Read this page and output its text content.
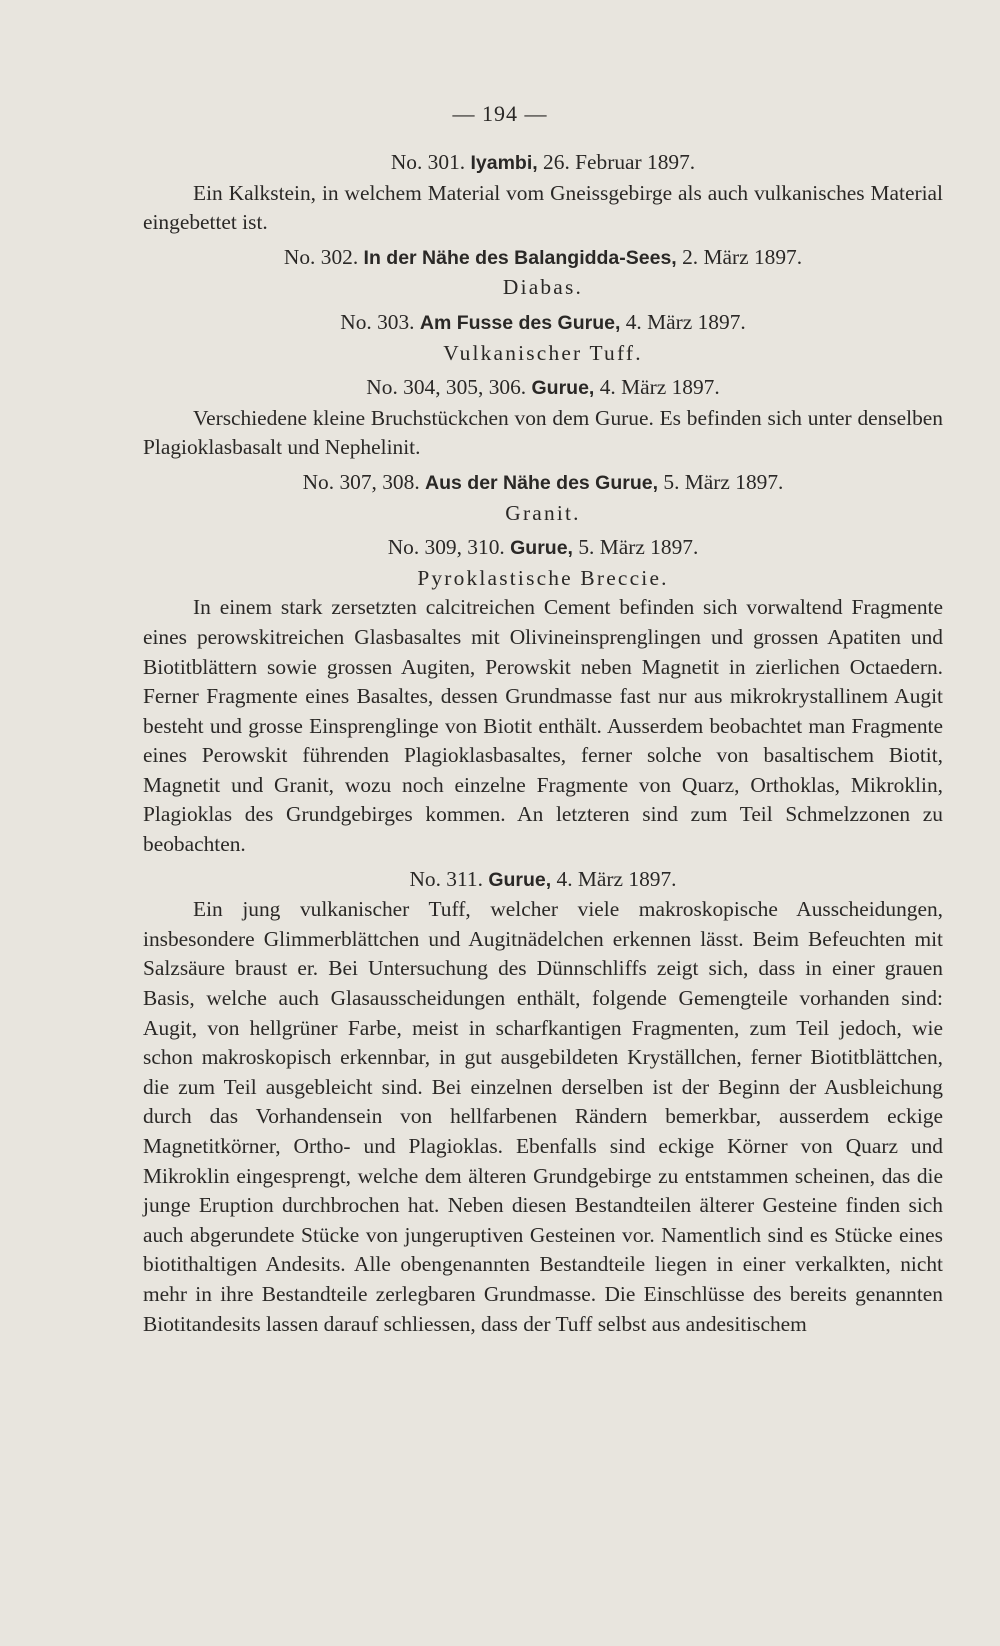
— 194 —

No. 301. Iyambi, 26. Februar 1897.

Ein Kalkstein, in welchem Material vom Gneissgebirge als auch vulkanisches Material eingebettet ist.

No. 302. In der Nähe des Balangidda-Sees, 2. März 1897.

Diabas.

No. 303. Am Fusse des Gurue, 4. März 1897.

Vulkanischer Tuff.

No. 304, 305, 306. Gurue, 4. März 1897.

Verschiedene kleine Bruchstückchen von dem Gurue. Es befinden sich unter denselben Plagioklasbasalt und Nephelinit.

No. 307, 308. Aus der Nähe des Gurue, 5. März 1897.

Granit.

No. 309, 310. Gurue, 5. März 1897.

Pyroklastische Breccie.

In einem stark zersetzten calcitreichen Cement befinden sich vorwaltend Fragmente eines perowskitreichen Glasbasaltes mit Olivineinsprenglingen und grossen Apatiten und Biotitblättern sowie grossen Augiten, Perowskit neben Magnetit in zierlichen Octaedern. Ferner Fragmente eines Basaltes, dessen Grundmasse fast nur aus mikrokrystallinem Augit besteht und grosse Einsprenglinge von Biotit enthält. Ausserdem beobachtet man Fragmente eines Perowskit führenden Plagioklasbasaltes, ferner solche von basaltischem Biotit, Magnetit und Granit, wozu noch einzelne Fragmente von Quarz, Orthoklas, Mikroklin, Plagioklas des Grundgebirges kommen. An letzteren sind zum Teil Schmelzzonen zu beobachten.

No. 311. Gurue, 4. März 1897.

Ein jung vulkanischer Tuff, welcher viele makroskopische Ausscheidungen, insbesondere Glimmerblättchen und Augitnädelchen erkennen lässt. Beim Befeuchten mit Salzsäure braust er. Bei Untersuchung des Dünnschliffs zeigt sich, dass in einer grauen Basis, welche auch Glasausscheidungen enthält, folgende Gemengteile vorhanden sind: Augit, von hellgrüner Farbe, meist in scharfkantigen Fragmenten, zum Teil jedoch, wie schon makroskopisch erkennbar, in gut ausgebildeten Kryställchen, ferner Biotitblättchen, die zum Teil ausgebleicht sind. Bei einzelnen derselben ist der Beginn der Ausbleichung durch das Vorhandensein von hellfarbenen Rändern bemerkbar, ausserdem eckige Magnetitkörner, Ortho- und Plagioklas. Ebenfalls sind eckige Körner von Quarz und Mikroklin eingesprengt, welche dem älteren Grundgebirge zu entstammen scheinen, das die junge Eruption durchbrochen hat. Neben diesen Bestandteilen älterer Gesteine finden sich auch abgerundete Stücke von jungeruptiven Gesteinen vor. Namentlich sind es Stücke eines biotithaltigen Andesits. Alle obengenannten Bestandteile liegen in einer verkalkten, nicht mehr in ihre Bestandteile zerlegbaren Grundmasse. Die Einschlüsse des bereits genannten Biotitandesits lassen darauf schliessen, dass der Tuff selbst aus andesitischem
